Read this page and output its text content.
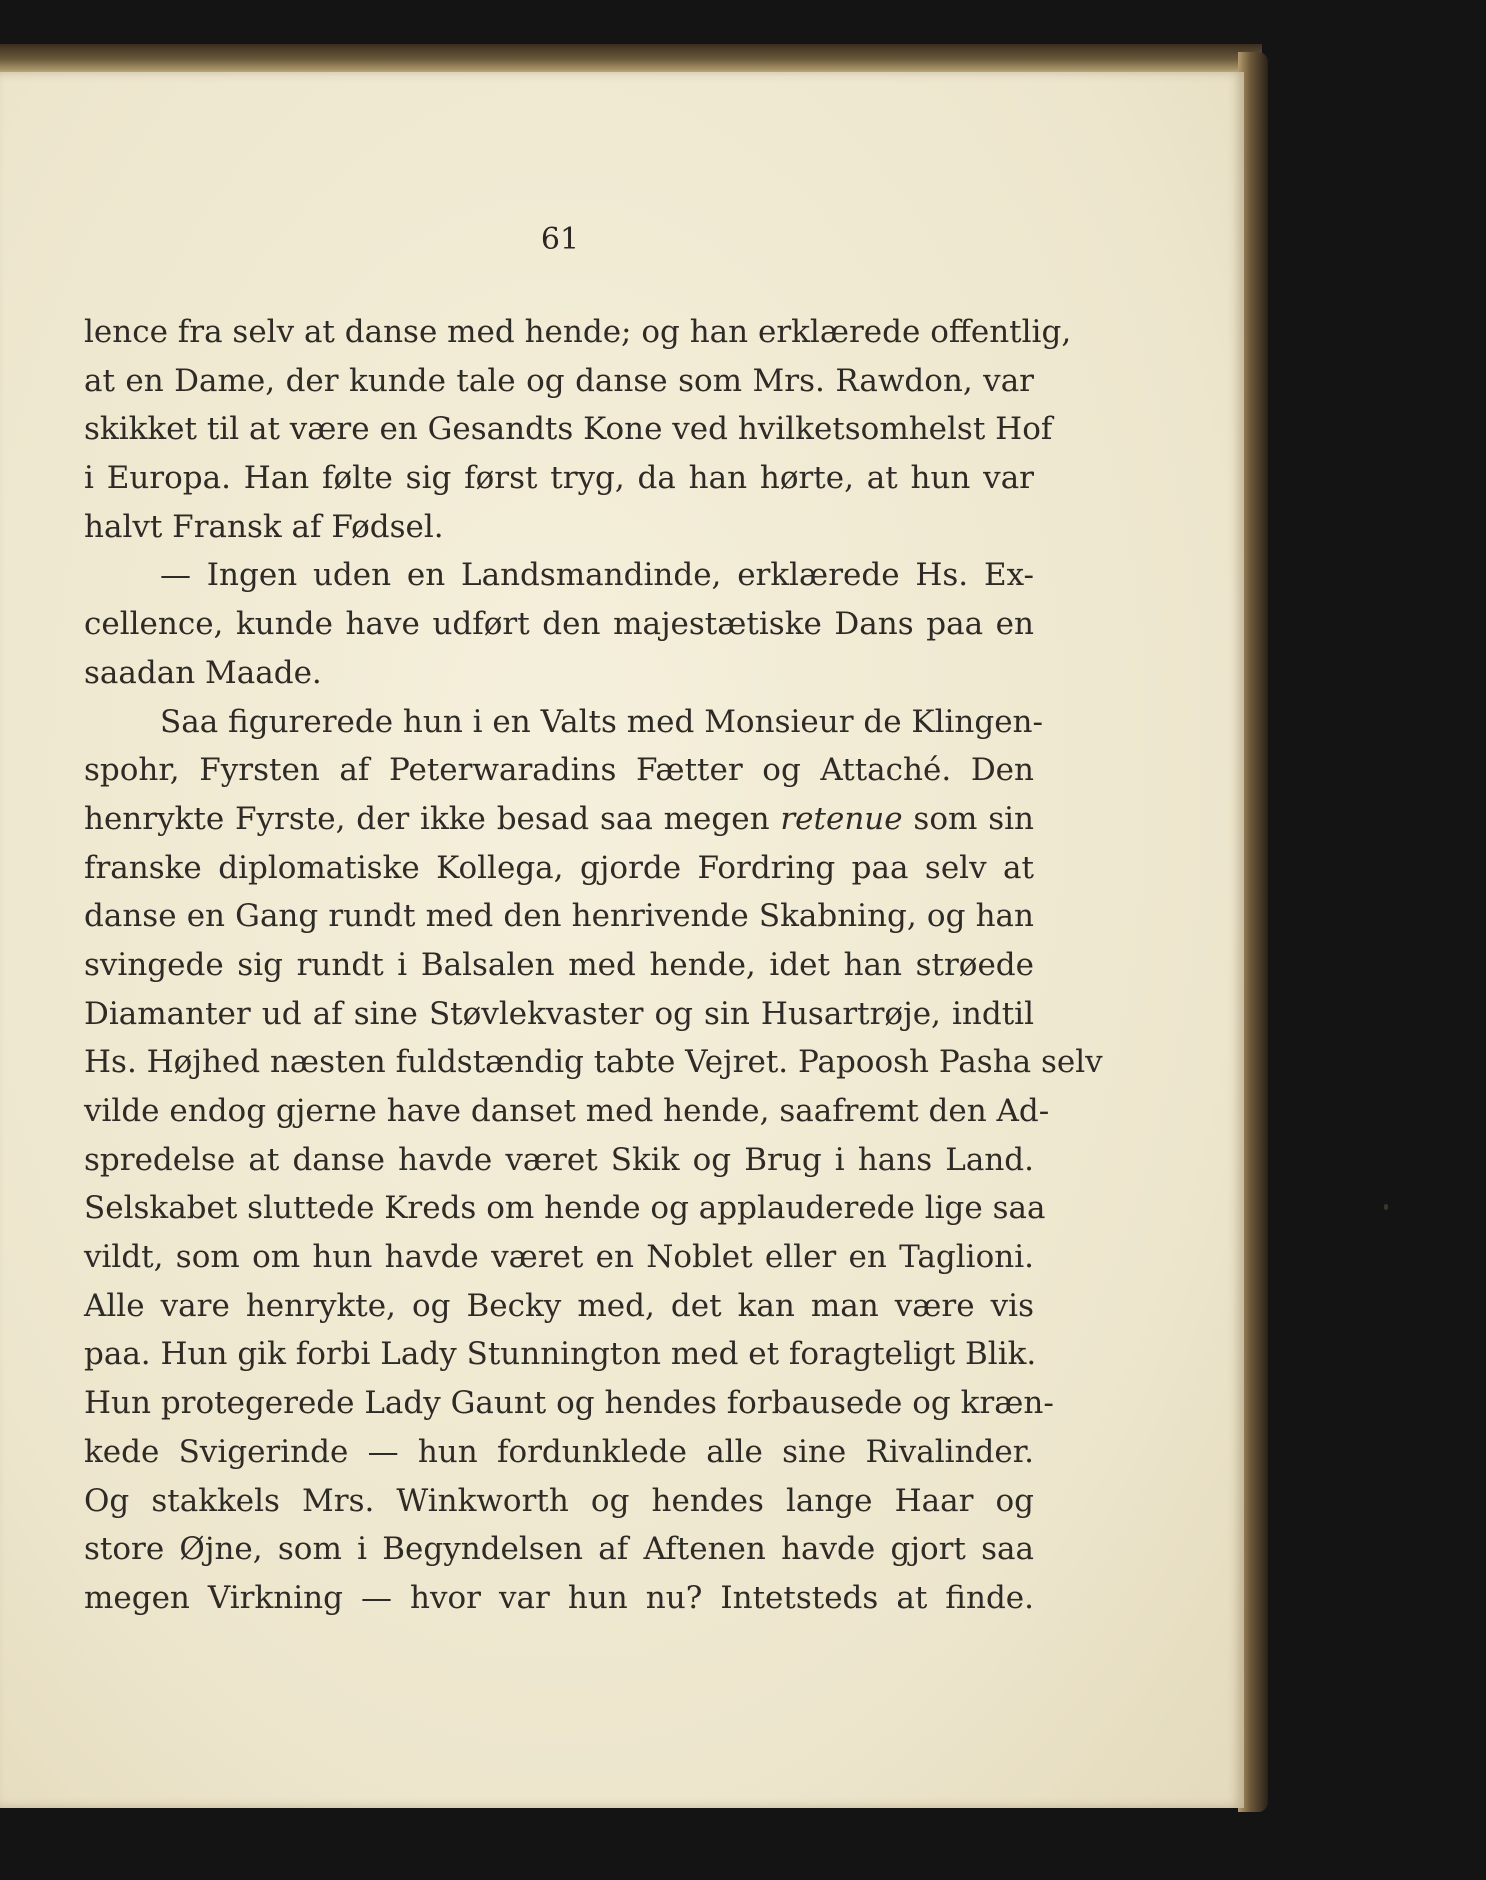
61
lence fra selv at danse med hende; og han erklærede offentlig,
at en Dame, der kunde tale og danse som Mrs. Rawdon, var
skikket til at være en Gesandts Kone ved hvilketsomhelst Hof
i Europa. Han følte sig først tryg, da han hørte, at hun var
halvt Fransk af Fødsel.
— Ingen uden en Landsmandinde, erklærede Hs. Ex-
cellence, kunde have udført den majestætiske Dans paa en
saadan Maade.
Saa figurerede hun i en Valts med Monsieur de Klingen-
spohr, Fyrsten af Peterwaradins Fætter og Attaché. Den
henrykte Fyrste, der ikke besad saa megen retenue som sin
franske diplomatiske Kollega, gjorde Fordring paa selv at
danse en Gang rundt med den henrivende Skabning, og han
svingede sig rundt i Balsalen med hende, idet han strøede
Diamanter ud af sine Støvlekvaster og sin Husartrøje, indtil
Hs. Højhed næsten fuldstændig tabte Vejret. Papoosh Pasha selv
vilde endog gjerne have danset med hende, saafremt den Ad-
spredelse at danse havde været Skik og Brug i hans Land.
Selskabet sluttede Kreds om hende og applauderede lige saa
vildt, som om hun havde været en Noblet eller en Taglioni.
Alle vare henrykte, og Becky med, det kan man være vis
paa. Hun gik forbi Lady Stunnington med et foragteligt Blik.
Hun protegerede Lady Gaunt og hendes forbausede og kræn-
kede Svigerinde — hun fordunklede alle sine Rivalinder.
Og stakkels Mrs. Winkworth og hendes lange Haar og
store Øjne, som i Begyndelsen af Aftenen havde gjort saa
megen Virkning — hvor var hun nu? Intetsteds at finde.
